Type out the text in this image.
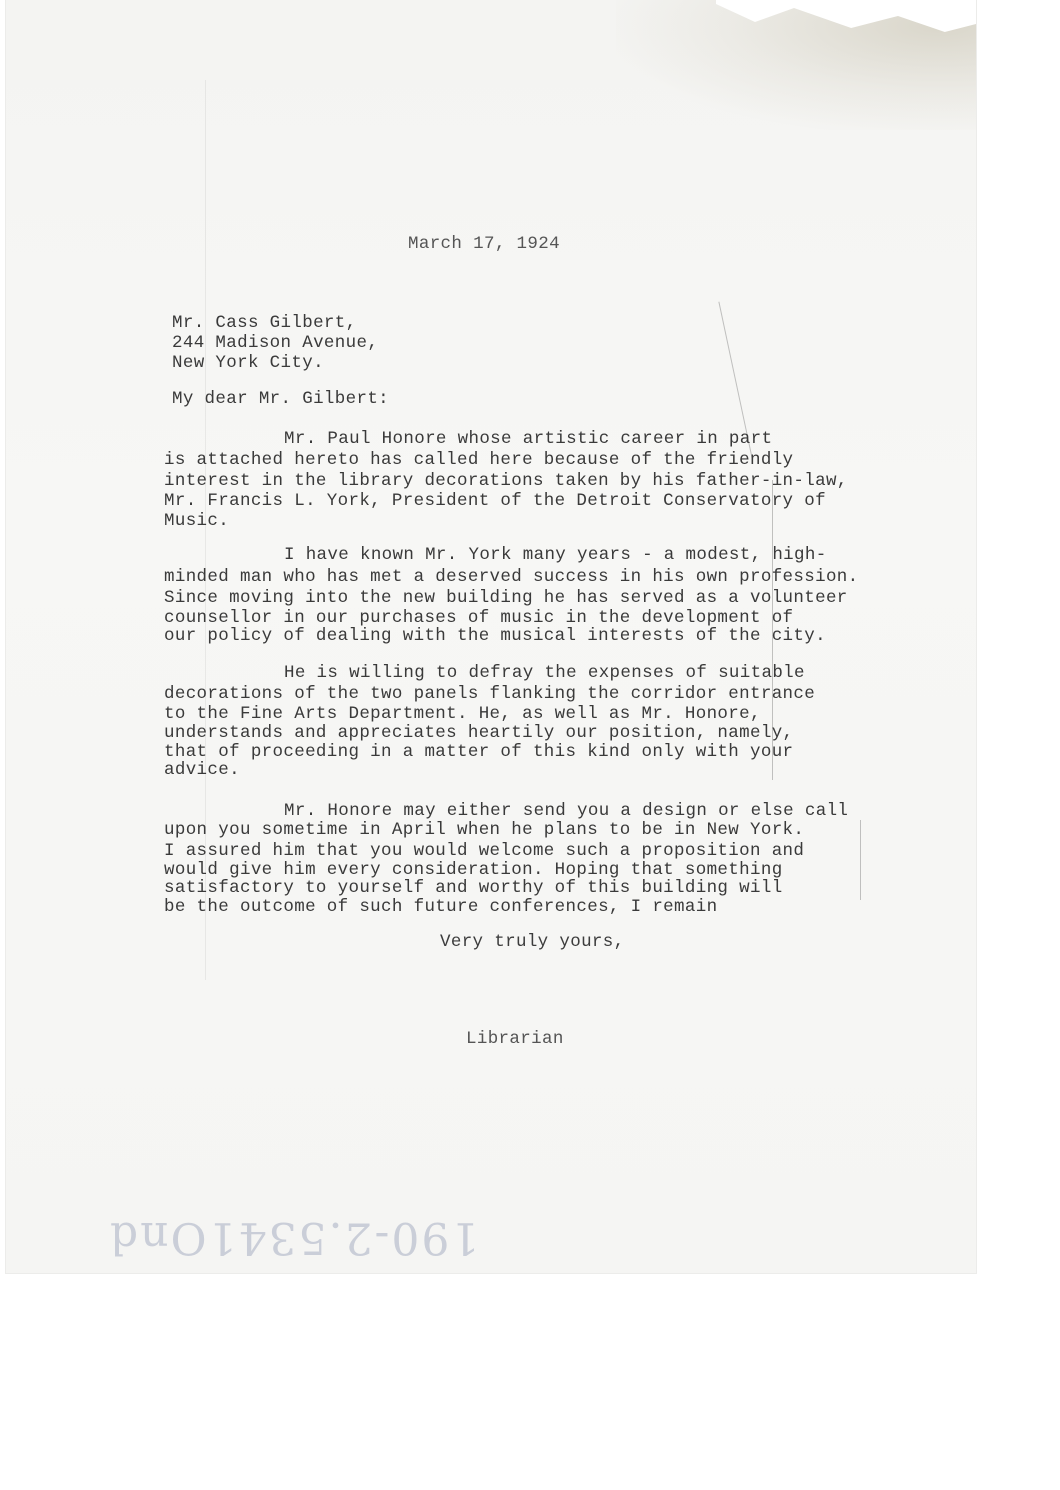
March 17, 1924

Mr. Cass Gilbert,

244 Madison Avenue,

New York City.

My dear Mr. Gilbert:

Mr. Paul Honore whose artistic career in part

is attached hereto has called here because of the friendly

interest in the library decorations taken by his father-in-law,

Mr. Francis L. York, President of the Detroit Conservatory of

Music.

I have known Mr. York many years - a modest, high-

minded man who has met a deserved success in his own profession.

Since moving into the new building he has served as a volunteer

counsellor in our purchases of music in the development of

our policy of dealing with the musical interests of the city.

He is willing to defray the expenses of suitable

decorations of the two panels flanking the corridor entrance

to the Fine Arts Department. He, as well as Mr. Honore,

understands and appreciates heartily our position, namely,

that of proceeding in a matter of this kind only with your

advice.

Mr. Honore may either send you a design or else call

upon you sometime in April when he plans to be in New York.

I assured him that you would welcome such a proposition and

would give him every consideration. Hoping that something

satisfactory to yourself and worthy of this building will

be the outcome of such future conferences, I remain

Very truly yours,

Librarian

190-2.5341Ond
